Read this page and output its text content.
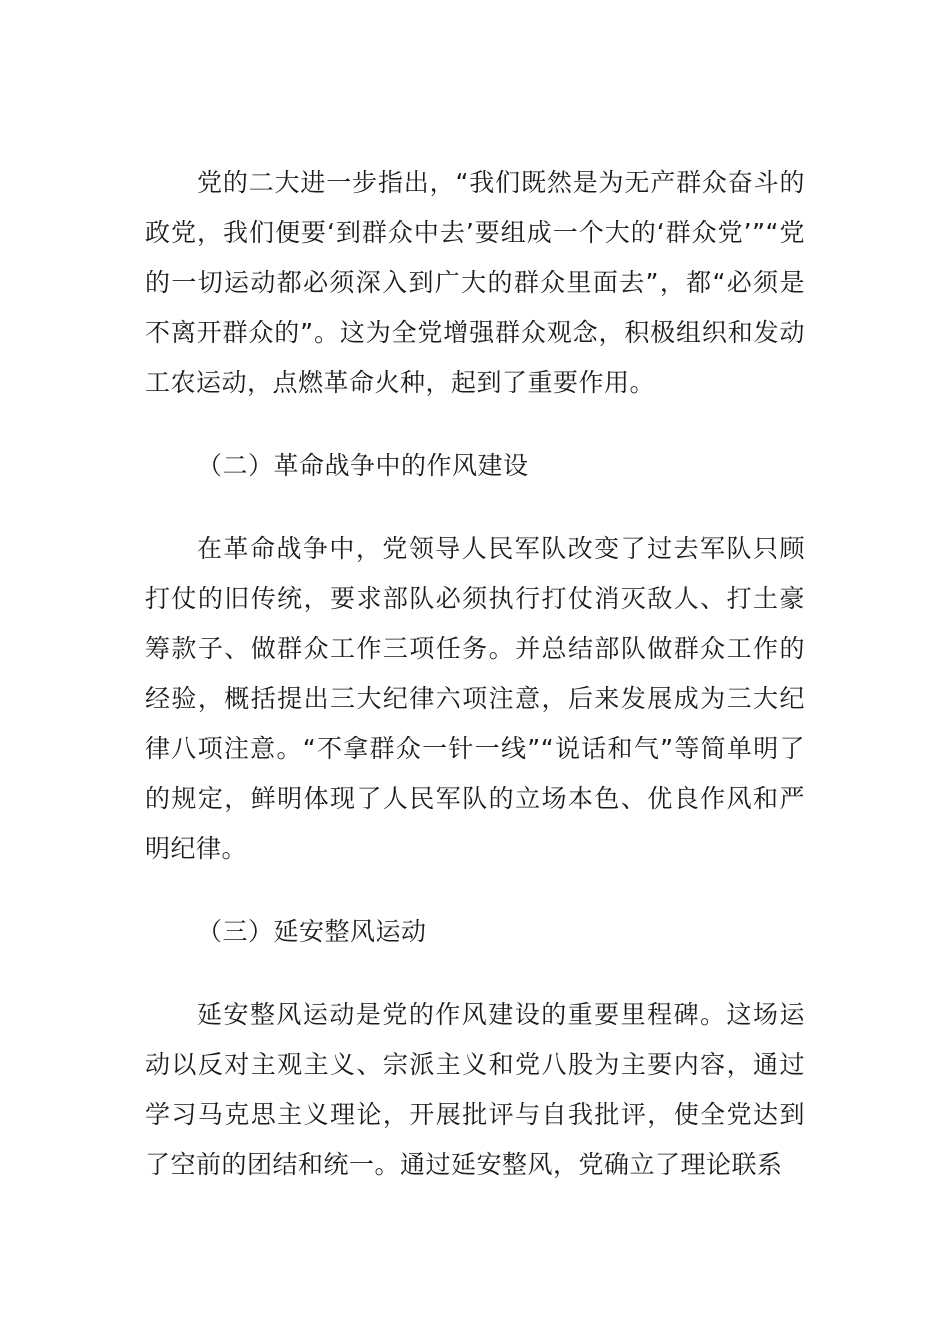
党的二大进一步指出，“我们既然是为无产群众奋斗的政党，我们便要‘到群众中去’要组成一个大的‘群众党’”“党的一切运动都必须深入到广大的群众里面去”，都“必须是不离开群众的”。这为全党增强群众观念，积极组织和发动工农运动，点燃革命火种，起到了重要作用。

（二）革命战争中的作风建设

在革命战争中，党领导人民军队改变了过去军队只顾打仗的旧传统，要求部队必须执行打仗消灭敌人、打土豪筹款子、做群众工作三项任务。并总结部队做群众工作的经验，概括提出三大纪律六项注意，后来发展成为三大纪律八项注意。“不拿群众一针一线”“说话和气”等简单明了的规定，鲜明体现了人民军队的立场本色、优良作风和严明纪律。

（三）延安整风运动

延安整风运动是党的作风建设的重要里程碑。这场运动以反对主观主义、宗派主义和党八股为主要内容，通过学习马克思主义理论，开展批评与自我批评，使全党达到了空前的团结和统一。通过延安整风，党确立了理论联系
